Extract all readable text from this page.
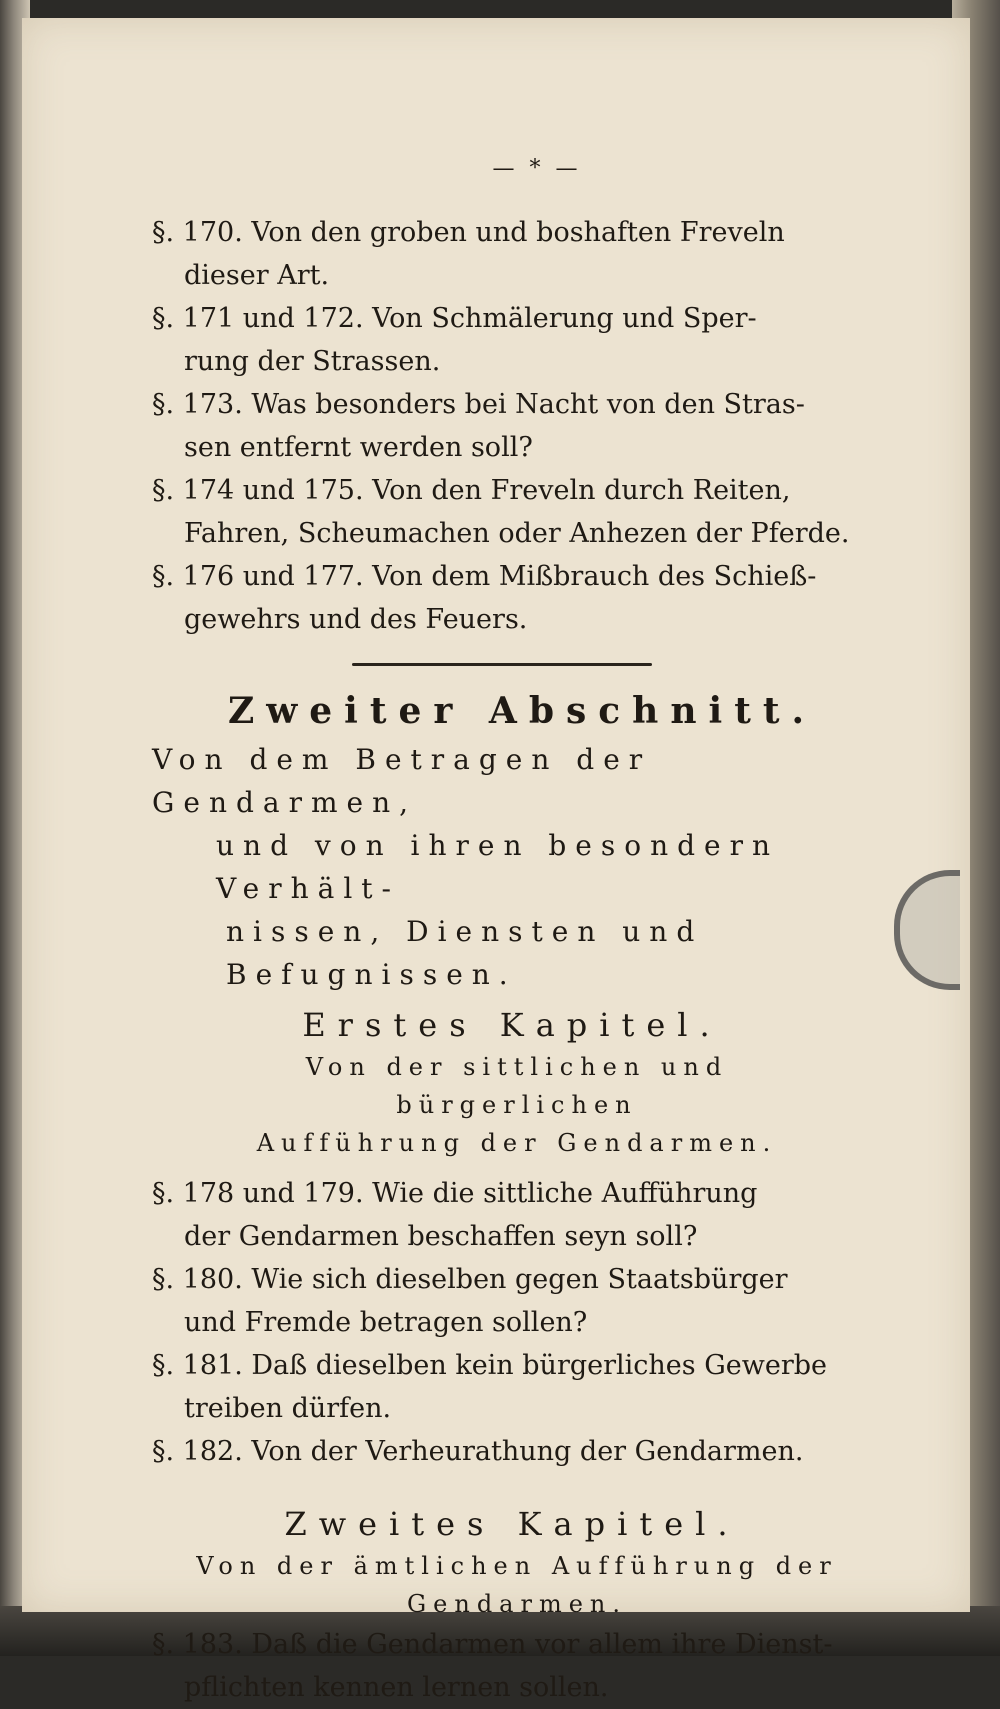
— * —
§. 170. Von den groben und boshaften Freveln
dieser Art.
§. 171 und 172. Von Schmälerung und Sper-
rung der Strassen.
§. 173. Was besonders bei Nacht von den Stras-
sen entfernt werden soll?
§. 174 und 175. Von den Freveln durch Reiten,
Fahren, Scheumachen oder Anhezen der Pferde.
§. 176 und 177. Von dem Mißbrauch des Schieß-
gewehrs und des Feuers.
Zweiter Abschnitt.
Von dem Betragen der Gendarmen,
und von ihren besondern Verhält-
nissen, Diensten und Befugnissen.
Erstes Kapitel.
Von der sittlichen und bürgerlichen
Aufführung der Gendarmen.
§. 178 und 179. Wie die sittliche Aufführung
der Gendarmen beschaffen seyn soll?
§. 180. Wie sich dieselben gegen Staatsbürger
und Fremde betragen sollen?
§. 181. Daß dieselben kein bürgerliches Gewerbe
treiben dürfen.
§. 182. Von der Verheurathung der Gendarmen.
Zweites Kapitel.
Von der ämtlichen Aufführung der
Gendarmen.
§. 183. Daß die Gendarmen vor allem ihre Dienst-
pflichten kennen lernen sollen.
